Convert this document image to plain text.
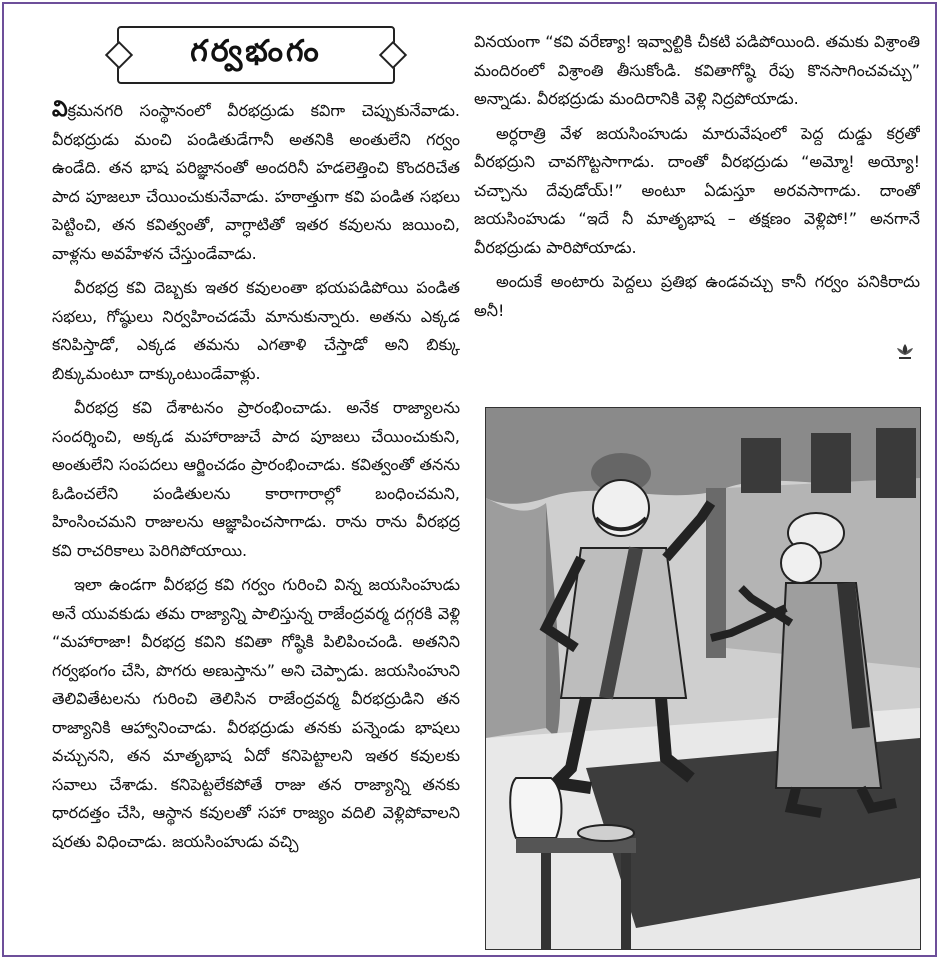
గర్వభంగం

విక్రమనగరి సంస్థానంలో వీరభద్రుడు కవిగా చెప్పుకునేవాడు. వీరభద్రుడు మంచి పండితుడేగానీ అతనికి అంతులేని గర్వం ఉండేది. తన భాష పరిజ్ఞానంతో అందరినీ హడలెత్తించి కొందరిచేత పాద పూజలూ చేయించుకునేవాడు. హఠాత్తుగా కవి పండిత సభలు పెట్టించి, తన కవిత్వంతో, వాగ్ధాటితో ఇతర కవులను జయించి, వాళ్లను అవహేళన చేస్తుండేవాడు.

వీరభద్ర కవి దెబ్బకు ఇతర కవులంతా భయపడిపోయి పండిత సభలు, గోష్ఠులు నిర్వహించడమే మానుకున్నారు. అతను ఎక్కడ కనిపిస్తాడో, ఎక్కడ తమను ఎగతాళి చేస్తాడో అని బిక్కు బిక్కుమంటూ దాక్కుంటుండేవాళ్లు.

వీరభద్ర కవి దేశాటనం ప్రారంభించాడు. అనేక రాజ్యాలను సందర్శించి, అక్కడ మహారాజుచే పాద పూజలు చేయించుకుని, అంతులేని సంపదలు ఆర్జించడం ప్రారంభించాడు. కవిత్వంతో తనను ఓడించలేని పండితులను కారాగారాల్లో బంధించమని, హింసించమని రాజులను ఆజ్ఞాపించసాగాడు. రాను రాను వీరభద్ర కవి రాచరికాలు పెరిగిపోయాయి.

ఇలా ఉండగా వీరభద్ర కవి గర్వం గురించి విన్న జయసింహుడు అనే యువకుడు తమ రాజ్యాన్ని పాలిస్తున్న రాజేంద్రవర్మ దగ్గరకి వెళ్లి “మహారాజా! వీరభద్ర కవిని కవితా గోష్ఠికి పిలిపించండి. అతనిని గర్వభంగం చేసి, పొగరు అణుస్తాను” అని చెప్పాడు. జయసింహుని తెలివితేటలను గురించి తెలిసిన రాజేంద్రవర్మ వీరభద్రుడిని తన రాజ్యానికి ఆహ్వానించాడు. వీరభద్రుడు తనకు పన్నెండు భాషలు వచ్చునని, తన మాతృభాష ఏదో కనిపెట్టాలని ఇతర కవులకు సవాలు చేశాడు. కనిపెట్టలేకపోతే రాజు తన రాజ్యాన్ని తనకు ధారదత్తం చేసి, ఆస్థాన కవులతో సహా రాజ్యం వదిలి వెళ్లిపోవాలని షరతు విధించాడు. జయసింహుడు వచ్చి

వినయంగా “కవి వరేణ్యా! ఇవ్వాల్టికి చీకటి పడిపోయింది. తమకు విశ్రాంతి మందిరంలో విశ్రాంతి తీసుకోండి. కవితాగోష్ఠి రేపు కొనసాగించవచ్చు” అన్నాడు. వీరభద్రుడు మందిరానికి వెళ్లి నిద్రపోయాడు.

అర్ధరాత్రి వేళ జయసింహుడు మారువేషంలో పెద్ద దుడ్డు కర్రతో వీరభద్రుని చావగొట్టసాగాడు. దాంతో వీరభద్రుడు “అమ్మో! అయ్యో! చచ్చాను దేవుడోయ్!” అంటూ ఏడుస్తూ అరవసాగాడు. దాంతో జయసింహుడు “ఇదే నీ మాతృభాష – తక్షణం వెళ్లిపో!” అనగానే వీరభద్రుడు పారిపోయాడు.

అందుకే అంటారు పెద్దలు ప్రతిభ ఉండవచ్చు కానీ గర్వం పనికిరాదు అనీ!
